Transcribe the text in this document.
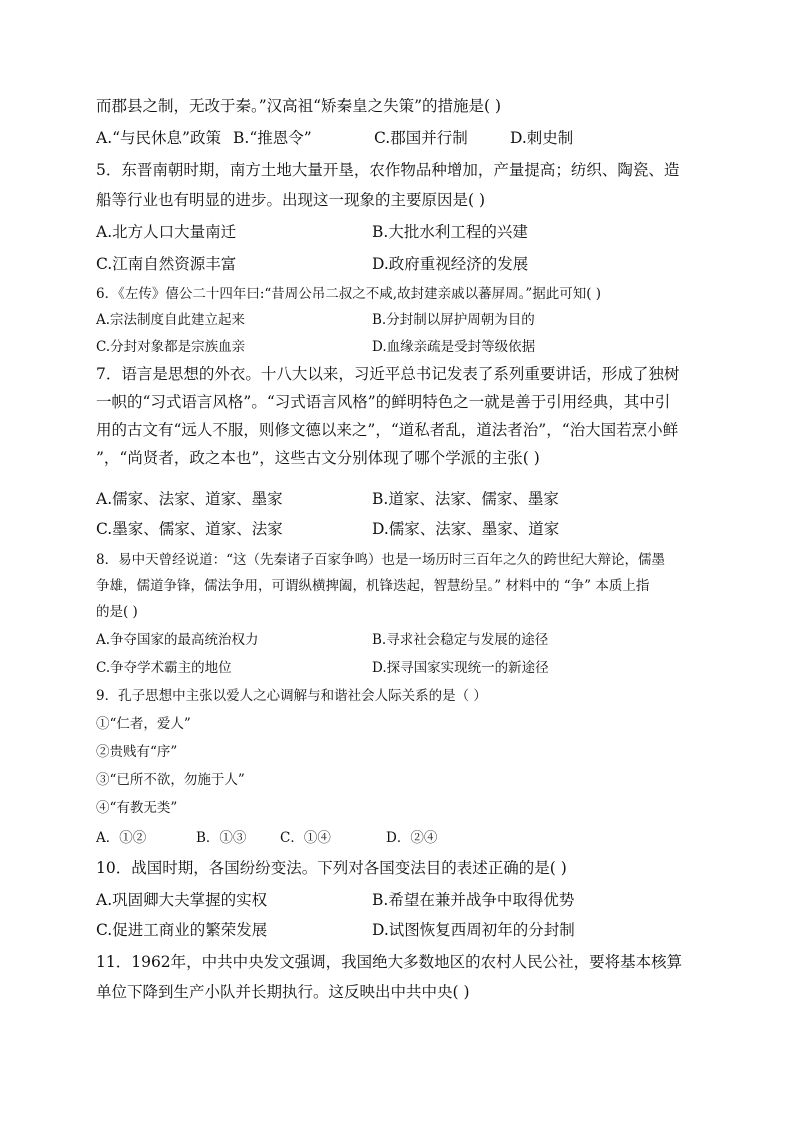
而郡县之制，无改于秦。”汉高祖“矫秦皇之失策”的措施是( )
A.“与民休息”政策 B.“推恩令”	C.郡国并行制	D.刺史制
5．东晋南朝时期，南方土地大量开垦，农作物品种增加，产量提高；纺织、陶瓷、造
船等行业也有明显的进步。出现这一现象的主要原因是( )
A.北方人口大量南迁	B.大批水利工程的兴建
C.江南自然资源丰富	D.政府重视经济的发展
6．《左传》僖公二十四年曰:“昔周公吊二叔之不咸,故封建亲戚以蕃屏周。”据此可知( )
A.宗法制度自此建立起来	B.分封制以屏护周朝为目的
C.分封对象都是宗族血亲	D.血缘亲疏是受封等级依据
7．语言是思想的外衣。十八大以来，习近平总书记发表了系列重要讲话，形成了独树
一帜的“习式语言风格”。“习式语言风格”的鲜明特色之一就是善于引用经典，其中引
用的古文有“远人不服，则修文德以来之”，“道私者乱，道法者治”，“治大国若烹小鲜
”，“尚贤者，政之本也”，这些古文分别体现了哪个学派的主张( )
A.儒家、法家、道家、墨家	B.道家、法家、儒家、墨家
C.墨家、儒家、道家、法家	D.儒家、法家、墨家、道家
8．易中天曾经说道：“这（先秦诸子百家争鸣）也是一场历时三百年之久的跨世纪大辩论，儒墨
争雄，儒道争锋，儒法争用，可谓纵横捭阖，机锋迭起，智慧纷呈。” 材料中的 “争” 本质上指
的是( )
A.争夺国家的最高统治权力	B.寻求社会稳定与发展的途径
C.争夺学术霸主的地位	D.探寻国家实现统一的新途径
9．孔子思想中主张以爱人之心调解与和谐社会人际关系的是（ ）
①“仁者，爱人”
②贵贱有“序”
③“已所不欲，勿施于人”
④“有教无类”
A．①②	B．①③ C．①④	D．②④
10．战国时期，各国纷纷变法。下列对各国变法目的表述正确的是( )
A.巩固卿大夫掌握的实权	B.希望在兼并战争中取得优势
C.促进工商业的繁荣发展	D.试图恢复西周初年的分封制
11．1962年，中共中央发文强调，我国绝大多数地区的农村人民公社，要将基本核算
单位下降到生产小队并长期执行。这反映出中共中央( )
